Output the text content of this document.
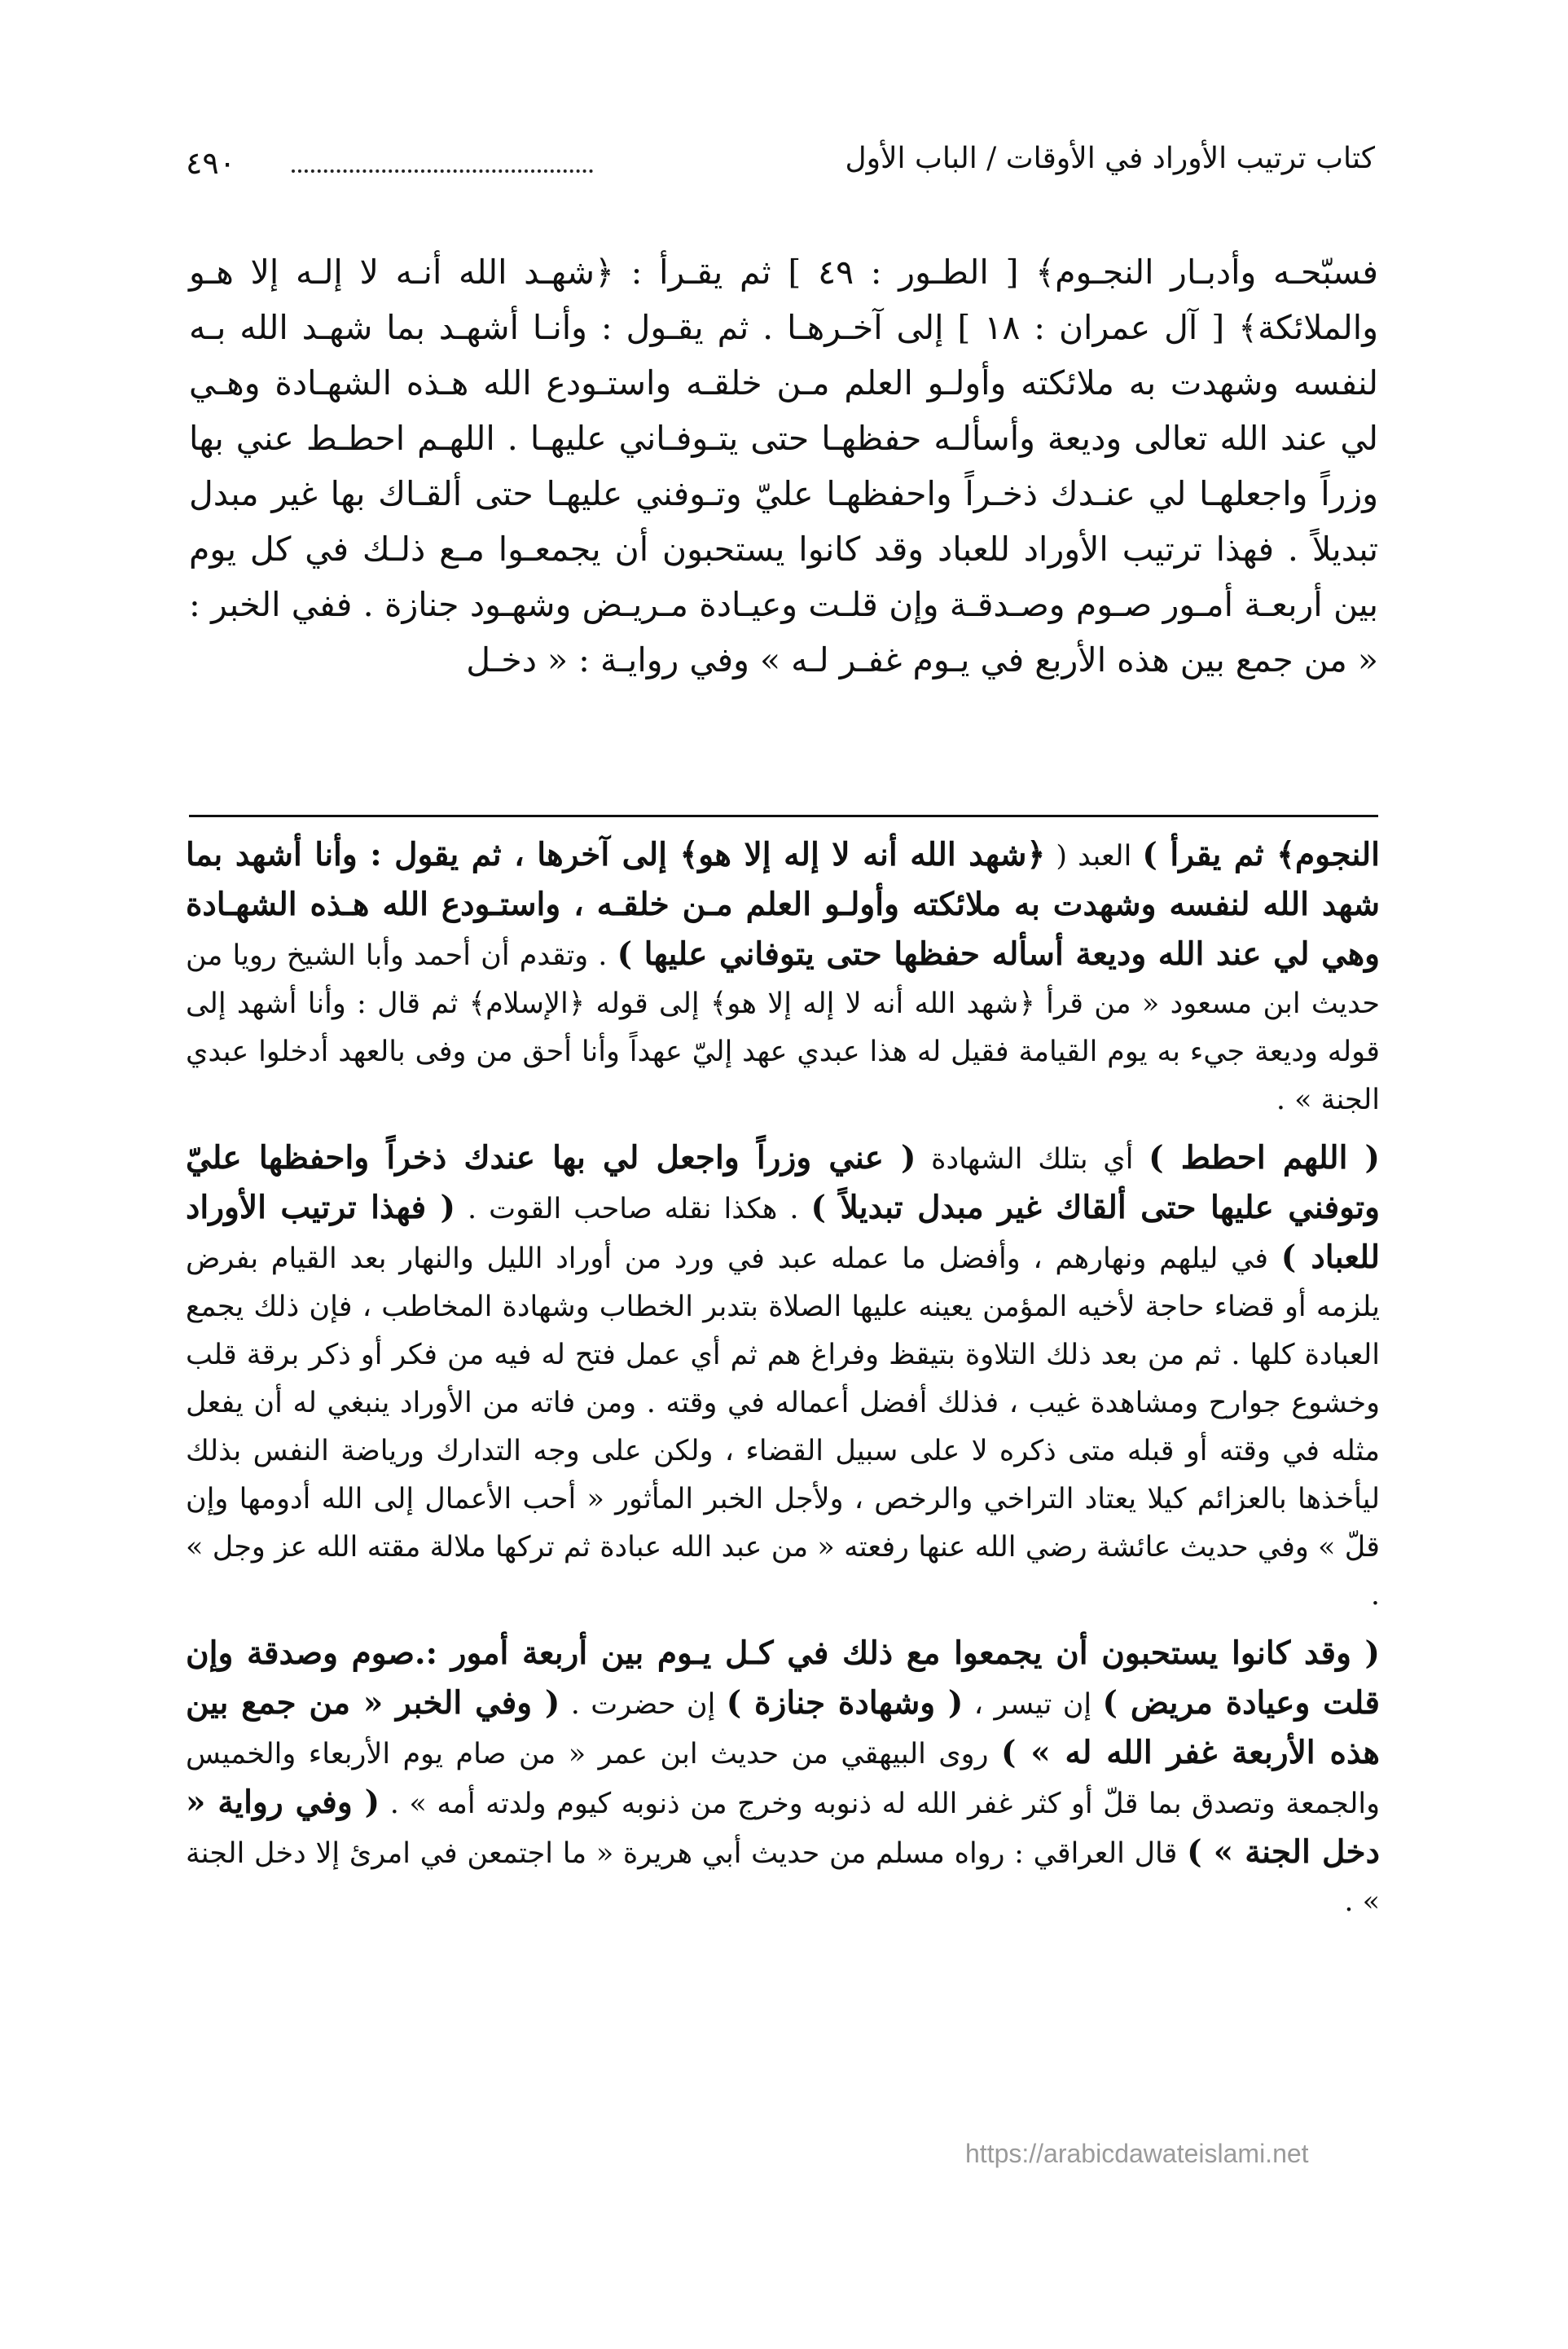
٤٩٠	كتاب ترتيب الأوراد في الأوقات / الباب الأول

فسبّحـه وأدبـار النجـوم﴾ [ الطـور : ٤٩ ] ثم يقـرأ : ﴿شهـد الله أنـه لا إلـه إلا هـو والملائكة﴾ [ آل عمران : ١٨ ] إلى آخـرهـا . ثم يقـول : وأنـا أشهـد بما شهـد الله بـه لنفسه وشهدت به ملائكته وأولـو العلم مـن خلقـه واستـودع الله هـذه الشهـادة وهـي لي عند الله تعالى وديعة وأسألـه حفظهـا حتى يتـوفـاني عليهـا . اللهـم احطـط عني بها وزراً واجعلهـا لي عنـدك ذخـراً واحفظهـا عليّ وتـوفني عليهـا حتى ألقـاك بها غير مبدل تبديلاً . فهذا ترتيب الأوراد للعباد وقد كانوا يستحبون أن يجمعـوا مـع ذلـك في كل يوم بين أربعـة أمـور صـوم وصـدقـة وإن قلـت وعيـادة مـريـض وشهـود جنازة . ففي الخبر : « من جمع بين هذه الأربع في يـوم غفـر لـه » وفي روايـة : « دخـل

النجوم﴾ ثم يقرأ ) العبد ( ﴿شهد الله أنه لا إله إلا هو﴾ إلى آخرها ، ثم يقول : وأنا أشهد بما شهد الله لنفسه وشهدت به ملائكته وأولـو العلم مـن خلقـه ، واستـودع الله هـذه الشهـادة وهي لي عند الله وديعة أسأله حفظها حتى يتوفاني عليها ) . وتقدم أن أحمد وأبا الشيخ رويا من حديث ابن مسعود « من قرأ ﴿شهد الله أنه لا إله إلا هو﴾ إلى قوله ﴿الإسلام﴾ ثم قال : وأنا أشهد إلى قوله وديعة جيء به يوم القيامة فقيل له هذا عبدي عهد إليّ عهداً وأنا أحق من وفى بالعهد أدخلوا عبدي الجنة » .

( اللهم احطط ) أي بتلك الشهادة ( عني وزراً واجعل لي بها عندك ذخراً واحفظها عليّ وتوفني عليها حتى ألقاك غير مبدل تبديلاً ) . هكذا نقله صاحب القوت . ( فهذا ترتيب الأوراد للعباد ) في ليلهم ونهارهم ، وأفضل ما عمله عبد في ورد من أوراد الليل والنهار بعد القيام بفرض يلزمه أو قضاء حاجة لأخيه المؤمن يعينه عليها الصلاة بتدبر الخطاب وشهادة المخاطب ، فإن ذلك يجمع العبادة كلها . ثم من بعد ذلك التلاوة بتيقظ وفراغ هم ثم أي عمل فتح له فيه من فكر أو ذكر برقة قلب وخشوع جوارح ومشاهدة غيب ، فذلك أفضل أعماله في وقته . ومن فاته من الأوراد ينبغي له أن يفعل مثله في وقته أو قبله متى ذكره لا على سبيل القضاء ، ولكن على وجه التدارك ورياضة النفس بذلك ليأخذها بالعزائم كيلا يعتاد التراخي والرخص ، ولأجل الخبر المأثور « أحب الأعمال إلى الله أدومها وإن قلّ » وفي حديث عائشة رضي الله عنها رفعته « من عبد الله عبادة ثم تركها ملالة مقته الله عز وجل » .

( وقد كانوا يستحبون أن يجمعوا مع ذلك في كـل يـوم بين أربعة أمور :.صوم وصدقة وإن قلت وعيادة مريض ) إن تيسر ، ( وشهادة جنازة ) إن حضرت . ( وفي الخبر « من جمع بين هذه الأربعة غفر الله له » ) روى البيهقي من حديث ابن عمر « من صام يوم الأربعاء والخميس والجمعة وتصدق بما قلّ أو كثر غفر الله له ذنوبه وخرج من ذنوبه كيوم ولدته أمه » . ( وفي رواية « دخل الجنة » ) قال العراقي : رواه مسلم من حديث أبي هريرة « ما اجتمعن في امرئ إلا دخل الجنة » .

https://arabicdawateislami.net
